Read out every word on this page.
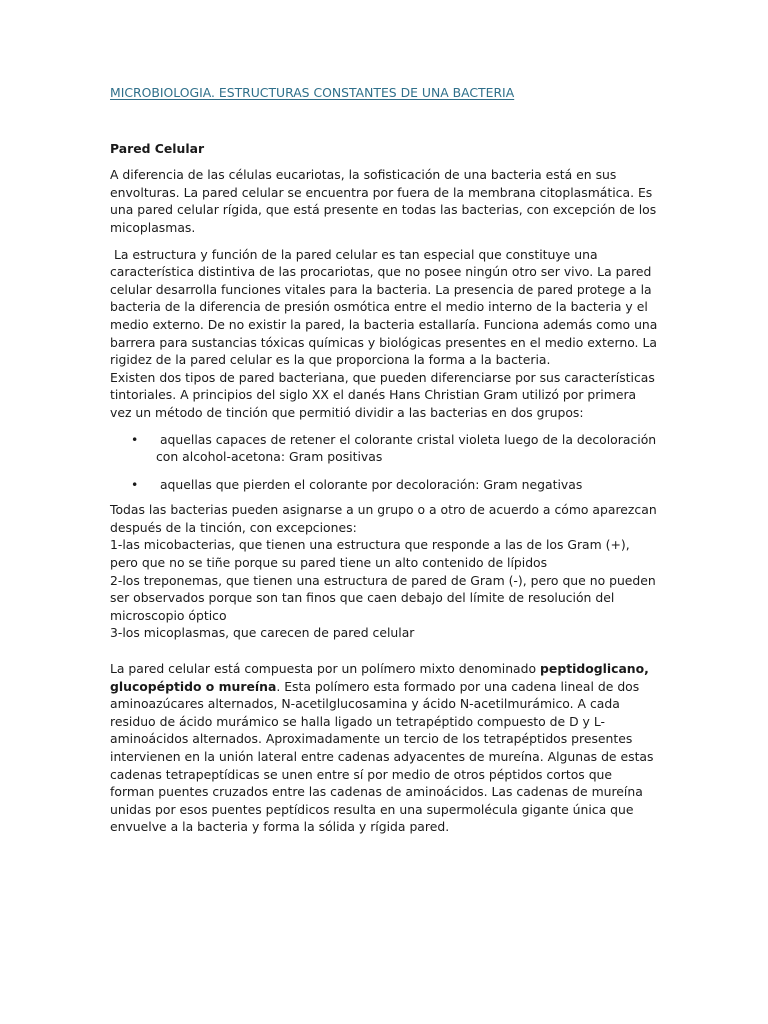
MICROBIOLOGIA. ESTRUCTURAS CONSTANTES DE UNA BACTERIA
Pared Celular

A diferencia de las células eucariotas, la sofisticación de una bacteria está en sus envolturas. La pared celular se encuentra por fuera de la membrana citoplasmática. Es una pared celular rígida, que está presente en todas las bacterias, con excepción de los micoplasmas.

La estructura y función de la pared celular es tan especial que constituye una característica distintiva de las procariotas, que no posee ningún otro ser vivo. La pared celular desarrolla funciones vitales para la bacteria. La presencia de pared protege a la bacteria de la diferencia de presión osmótica entre el medio interno de la bacteria y el medio externo. De no existir la pared, la bacteria estallaría. Funciona además como una barrera para sustancias tóxicas químicas y biológicas presentes en el medio externo. La rigidez de la pared celular es la que proporciona la forma a la bacteria.

Existen dos tipos de pared bacteriana, que pueden diferenciarse por sus características tintoriales. A principios del siglo XX el danés Hans Christian Gram utilizó por primera vez un método de tinción que permitió dividir a las bacterias en dos grupos:

• aquellas capaces de retener el colorante cristal violeta luego de la decoloración con alcohol-acetona: Gram positivas
• aquellas que pierden el colorante por decoloración: Gram negativas

Todas las bacterias pueden asignarse a un grupo o a otro de acuerdo a cómo aparezcan después de la tinción, con excepciones:

1-las micobacterias, que tienen una estructura que responde a las de los Gram (+), pero que no se tiñe porque su pared tiene un alto contenido de lípidos

2-los treponemas, que tienen una estructura de pared de Gram (-), pero que no pueden ser observados porque son tan finos que caen debajo del límite de resolución del microscopio óptico

3-los micoplasmas, que carecen de pared celular

La pared celular está compuesta por un polímero mixto denominado peptidoglicano, glucopéptido o mureína. Esta polímero esta formado por una cadena lineal de dos aminoazúcares alternados, N-acetilglucosamina y ácido N-acetilmurámico. A cada residuo de ácido murámico se halla ligado un tetrapéptido compuesto de D y L-aminoácidos alternados. Aproximadamente un tercio de los tetrapéptidos presentes intervienen en la unión lateral entre cadenas adyacentes de mureína. Algunas de estas cadenas tetrapeptídicas se unen entre sí por medio de otros péptidos cortos que forman puentes cruzados entre las cadenas de aminoácidos. Las cadenas de mureína unidas por esos puentes peptídicos resulta en una supermolécula gigante única que envuelve a la bacteria y forma la sólida y rígida pared.
